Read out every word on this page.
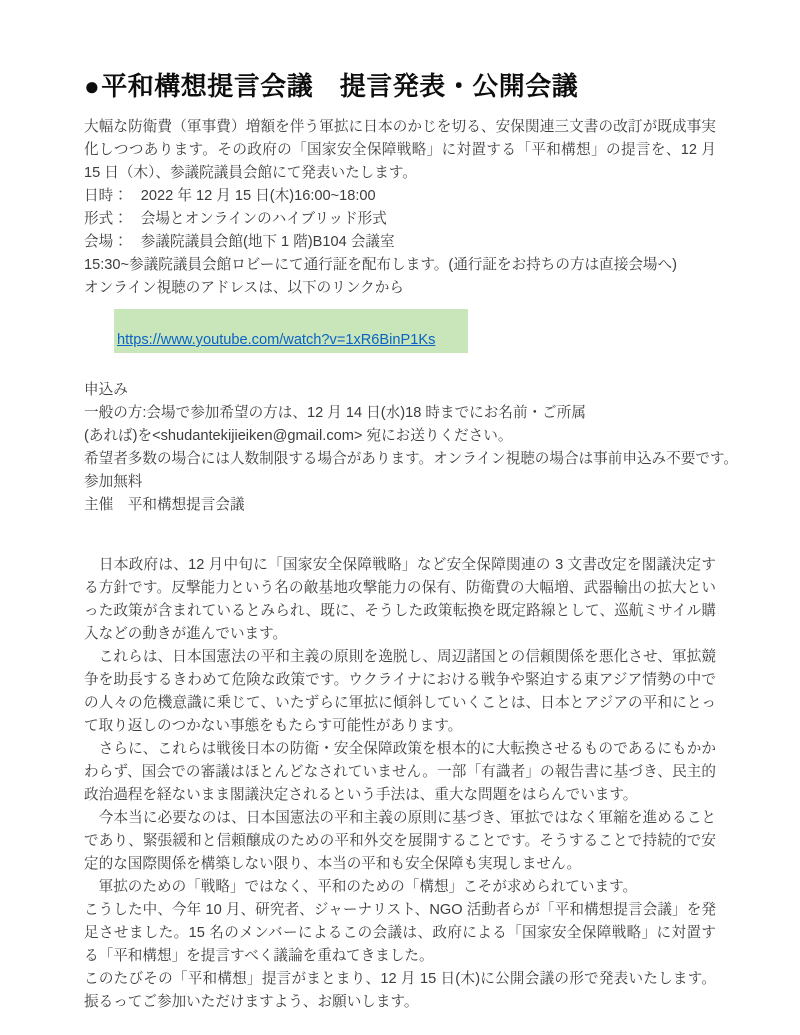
●平和構想提言会議　提言発表・公開会議

大幅な防衛費（軍事費）増額を伴う軍拡に日本のかじを切る、安保関連三文書の改訂が既成事実化しつつあります。その政府の「国家安全保障戦略」に対置する「平和構想」の提言を、12 月 15 日（木）、参議院議員会館にて発表いたします。

日時： 2022 年 12 月 15 日(木)16:00~18:00
形式： 会場とオンラインのハイブリッド形式
会場： 参議院議員会館(地下 1 階)B104 会議室
15:30~参議院議員会館ロビーにて通行証を配布します。(通行証をお持ちの方は直接会場へ)
オンライン視聴のアドレスは、以下のリンクから
https://www.youtube.com/watch?v=1xR6BinP1Ks
申込み
一般の方:会場で参加希望の方は、12 月 14 日(水)18 時までにお名前・ご所属
(あれば)を<shudantekijieiken@gmail.com> 宛にお送りください。
希望者多数の場合には人数制限する場合があります。オンライン視聴の場合は事前申込み不要です。
参加無料
主催　平和構想提言会議

　日本政府は、12 月中旬に「国家安全保障戦略」など安全保障関連の 3 文書改定を閣議決定する方針です。反撃能力という名の敵基地攻撃能力の保有、防衛費の大幅増、武器輸出の拡大といった政策が含まれているとみられ、既に、そうした政策転換を既定路線として、巡航ミサイル購入などの動きが進んでいます。

　これらは、日本国憲法の平和主義の原則を逸脱し、周辺諸国との信頼関係を悪化させ、軍拡競争を助長するきわめて危険な政策です。ウクライナにおける戦争や緊迫する東アジア情勢の中での人々の危機意識に乗じて、いたずらに軍拡に傾斜していくことは、日本とアジアの平和にとって取り返しのつかない事態をもたらす可能性があります。

　さらに、これらは戦後日本の防衛・安全保障政策を根本的に大転換させるものであるにもかかわらず、国会での審議はほとんどなされていません。一部「有識者」の報告書に基づき、民主的政治過程を経ないまま閣議決定されるという手法は、重大な問題をはらんでいます。

　今本当に必要なのは、日本国憲法の平和主義の原則に基づき、軍拡ではなく軍縮を進めることであり、緊張緩和と信頼醸成のための平和外交を展開することです。そうすることで持続的で安定的な国際関係を構築しない限り、本当の平和も安全保障も実現しません。

　軍拡のための「戦略」ではなく、平和のための「構想」こそが求められています。

こうした中、今年 10 月、研究者、ジャーナリスト、NGO 活動者らが「平和構想提言会議」を発足させました。15 名のメンバーによるこの会議は、政府による「国家安全保障戦略」に対置する「平和構想」を提言すべく議論を重ねてきました。

このたびその「平和構想」提言がまとまり、12 月 15 日(木)に公開会議の形で発表いたします。振るってご参加いただけますよう、お願いします。
